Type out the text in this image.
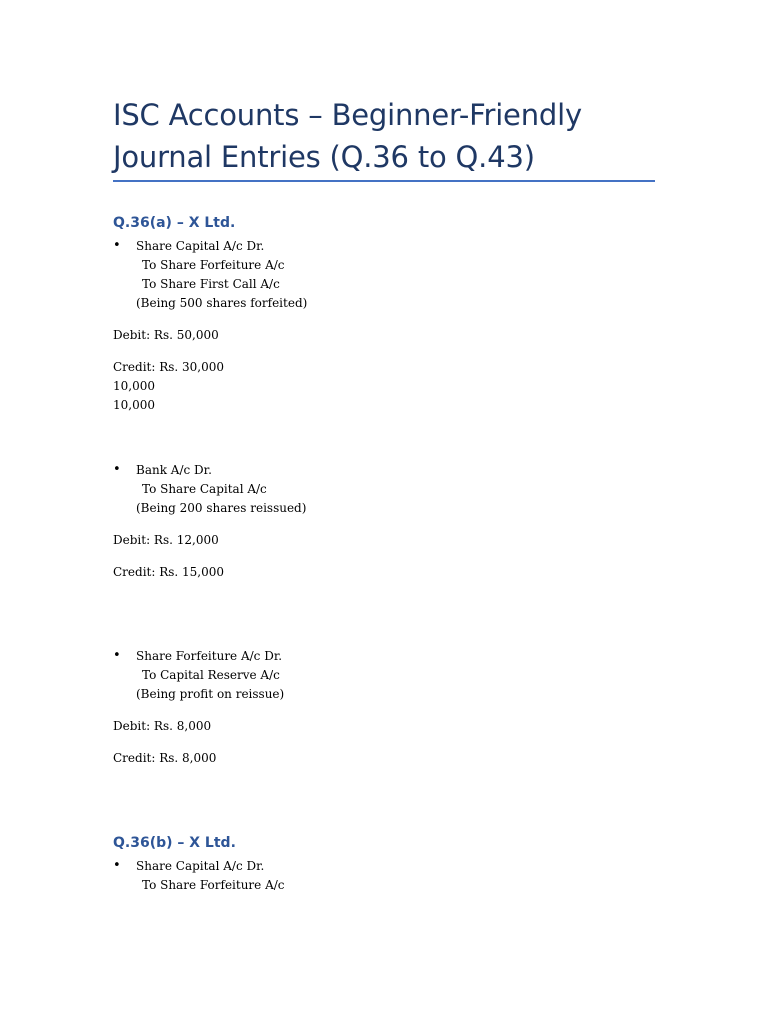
ISC Accounts – Beginner-Friendly Journal Entries (Q.36 to Q.43)
Q.36(a) – X Ltd.
• Share Capital A/c Dr.
To Share Forfeiture A/c
To Share First Call A/c
(Being 500 shares forfeited)
Debit: Rs. 50,000
Credit: Rs. 30,000
10,000
10,000
• Bank A/c Dr.
To Share Capital A/c
(Being 200 shares reissued)
Debit: Rs. 12,000
Credit: Rs. 15,000
• Share Forfeiture A/c Dr.
To Capital Reserve A/c
(Being profit on reissue)
Debit: Rs. 8,000
Credit: Rs. 8,000
Q.36(b) – X Ltd.
• Share Capital A/c Dr.
To Share Forfeiture A/c
